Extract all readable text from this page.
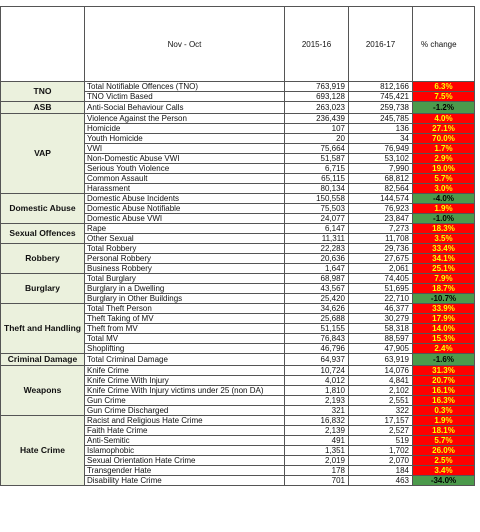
	Nov - Oct	2015-16	2016-17	% change
TNO	Total Notifiable Offences (TNO)	763,919	812,166	6.3%
	TNO Victim Based	693,128	745,421	7.5%
ASB	Anti-Social Behaviour Calls	263,023	259,738	-1.2%
VAP	Violence Against the Person	236,439	245,785	4.0%
	Homicide	107	136	27.1%
	Youth Homicide	20	34	70.0%
	VWI	75,664	76,949	1.7%
	Non-Domestic Abuse VWI	51,587	53,102	2.9%
	Serious Youth Violence	6,715	7,990	19.0%
	Common Assault	65,115	68,812	5.7%
	Harassment	80,134	82,564	3.0%
Domestic Abuse	Domestic Abuse Incidents	150,558	144,574	-4.0%
	Domestic Abuse Notifiable	75,503	76,923	1.9%
	Domestic Abuse VWI	24,077	23,847	-1.0%
Sexual Offences	Rape	6,147	7,273	18.3%
	Other Sexual	11,311	11,708	3.5%
Robbery	Total Robbery	22,283	29,736	33.4%
	Personal Robbery	20,636	27,675	34.1%
	Business Robbery	1,647	2,061	25.1%
Burglary	Total Burglary	68,987	74,405	7.9%
	Burglary in a Dwelling	43,567	51,695	18.7%
	Burglary in Other Buildings	25,420	22,710	-10.7%
Theft and Handling	Total Theft Person	34,626	46,377	33.9%
	Theft Taking of MV	25,688	30,279	17.9%
	Theft from MV	51,155	58,318	14.0%
	Total MV	76,843	88,597	15.3%
	Shoplifting	46,796	47,905	2.4%
Criminal Damage	Total Criminal Damage	64,937	63,919	-1.6%
Weapons	Knife Crime	10,724	14,076	31.3%
	Knife Crime With Injury	4,012	4,841	20.7%
	Knife Crime With Injury victims under 25 (non DA)	1,810	2,102	16.1%
	Gun Crime	2,193	2,551	16.3%
	Gun Crime Discharged	321	322	0.3%
Hate Crime	Racist and Religious Hate Crime	16,832	17,157	1.9%
	Faith Hate Crime	2,139	2,527	18.1%
	Anti-Semitic	491	519	5.7%
	Islamophobic	1,351	1,702	26.0%
	Sexual Orientation Hate Crime	2,019	2,070	2.5%
	Transgender Hate	178	184	3.4%
	Disability Hate Crime	701	463	-34.0%
